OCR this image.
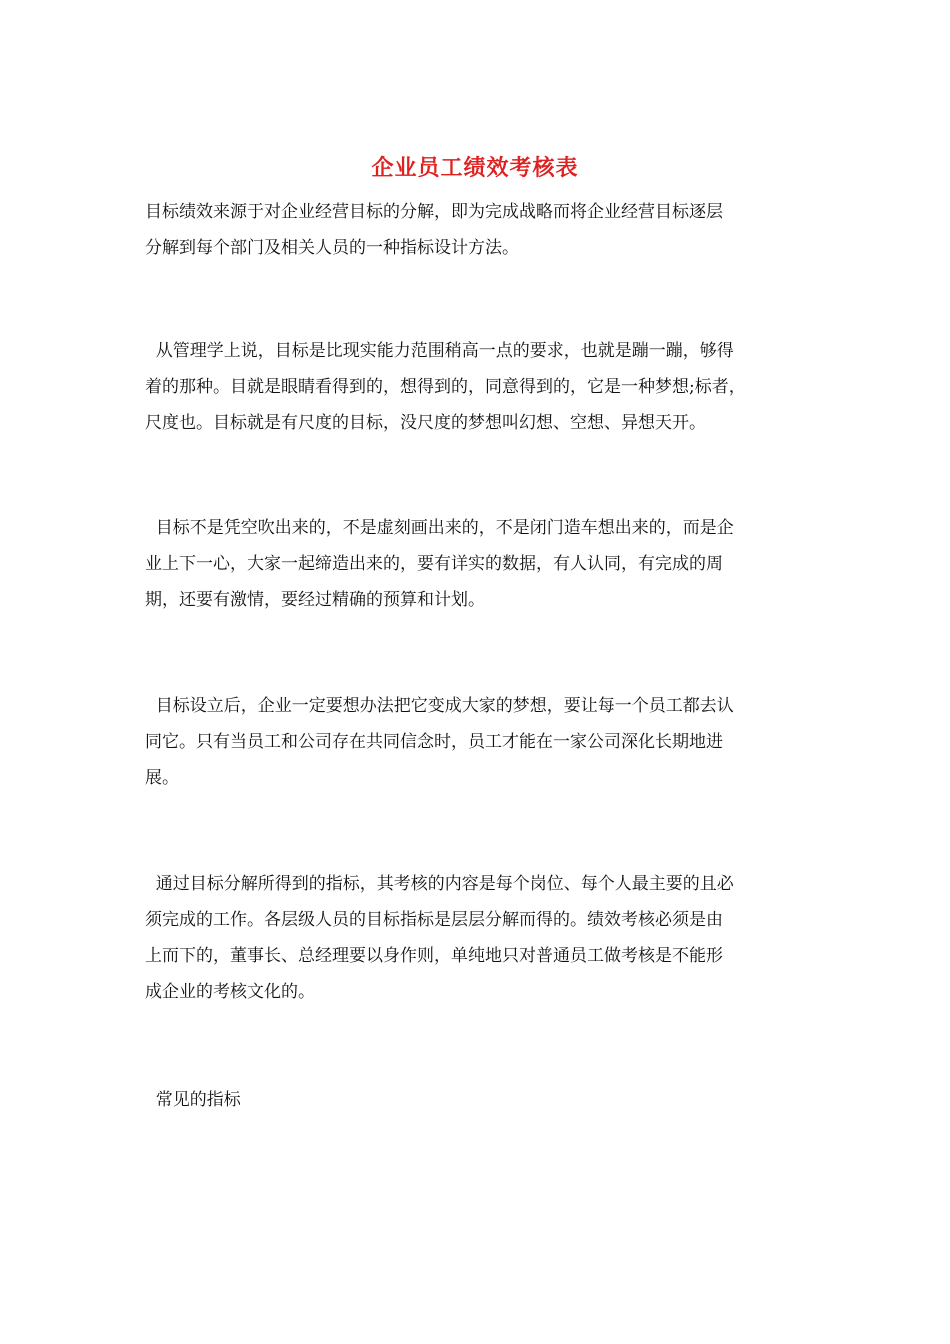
企业员工绩效考核表
目标绩效来源于对企业经营目标的分解，即为完成战略而将企业经营目标逐层
分解到每个部门及相关人员的一种指标设计方法。
从管理学上说，目标是比现实能力范围稍高一点的要求，也就是蹦一蹦，够得
着的那种。目就是眼睛看得到的，想得到的，同意得到的，它是一种梦想;标者，
尺度也。目标就是有尺度的目标，没尺度的梦想叫幻想、空想、异想天开。
目标不是凭空吹出来的，不是虚刻画出来的，不是闭门造车想出来的，而是企
业上下一心，大家一起缔造出来的，要有详实的数据，有人认同，有完成的周
期，还要有激情，要经过精确的预算和计划。
目标设立后，企业一定要想办法把它变成大家的梦想，要让每一个员工都去认
同它。只有当员工和公司存在共同信念时，员工才能在一家公司深化长期地进
展。
通过目标分解所得到的指标，其考核的内容是每个岗位、每个人最主要的且必
须完成的工作。各层级人员的目标指标是层层分解而得的。绩效考核必须是由
上而下的，董事长、总经理要以身作则，单纯地只对普通员工做考核是不能形
成企业的考核文化的。
常见的指标
